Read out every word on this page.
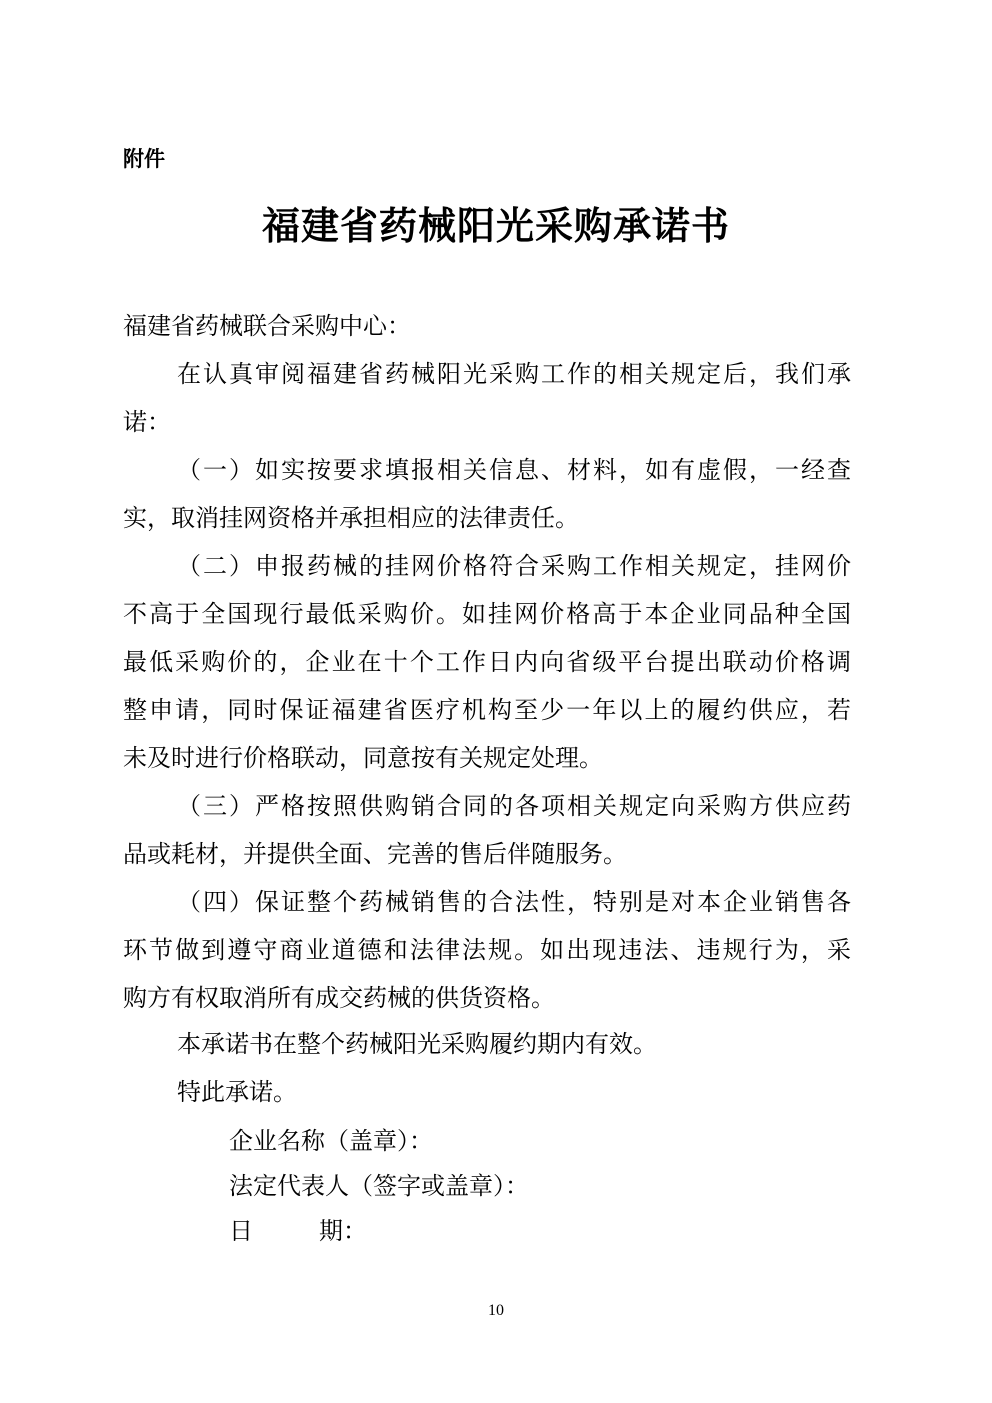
附件
福建省药械阳光采购承诺书
福建省药械联合采购中心：
在认真审阅福建省药械阳光采购工作的相关规定后，我们承
诺：
（一）如实按要求填报相关信息、材料，如有虚假，一经查
实，取消挂网资格并承担相应的法律责任。
（二）申报药械的挂网价格符合采购工作相关规定，挂网价
不高于全国现行最低采购价。如挂网价格高于本企业同品种全国
最低采购价的，企业在十个工作日内向省级平台提出联动价格调
整申请，同时保证福建省医疗机构至少一年以上的履约供应，若
未及时进行价格联动，同意按有关规定处理。
（三）严格按照供购销合同的各项相关规定向采购方供应药
品或耗材，并提供全面、完善的售后伴随服务。
（四）保证整个药械销售的合法性，特别是对本企业销售各
环节做到遵守商业道德和法律法规。如出现违法、违规行为，采
购方有权取消所有成交药械的供货资格。
本承诺书在整个药械阳光采购履约期内有效。
特此承诺。
企业名称（盖章）：
法定代表人（签字或盖章）：
日	期：
10
